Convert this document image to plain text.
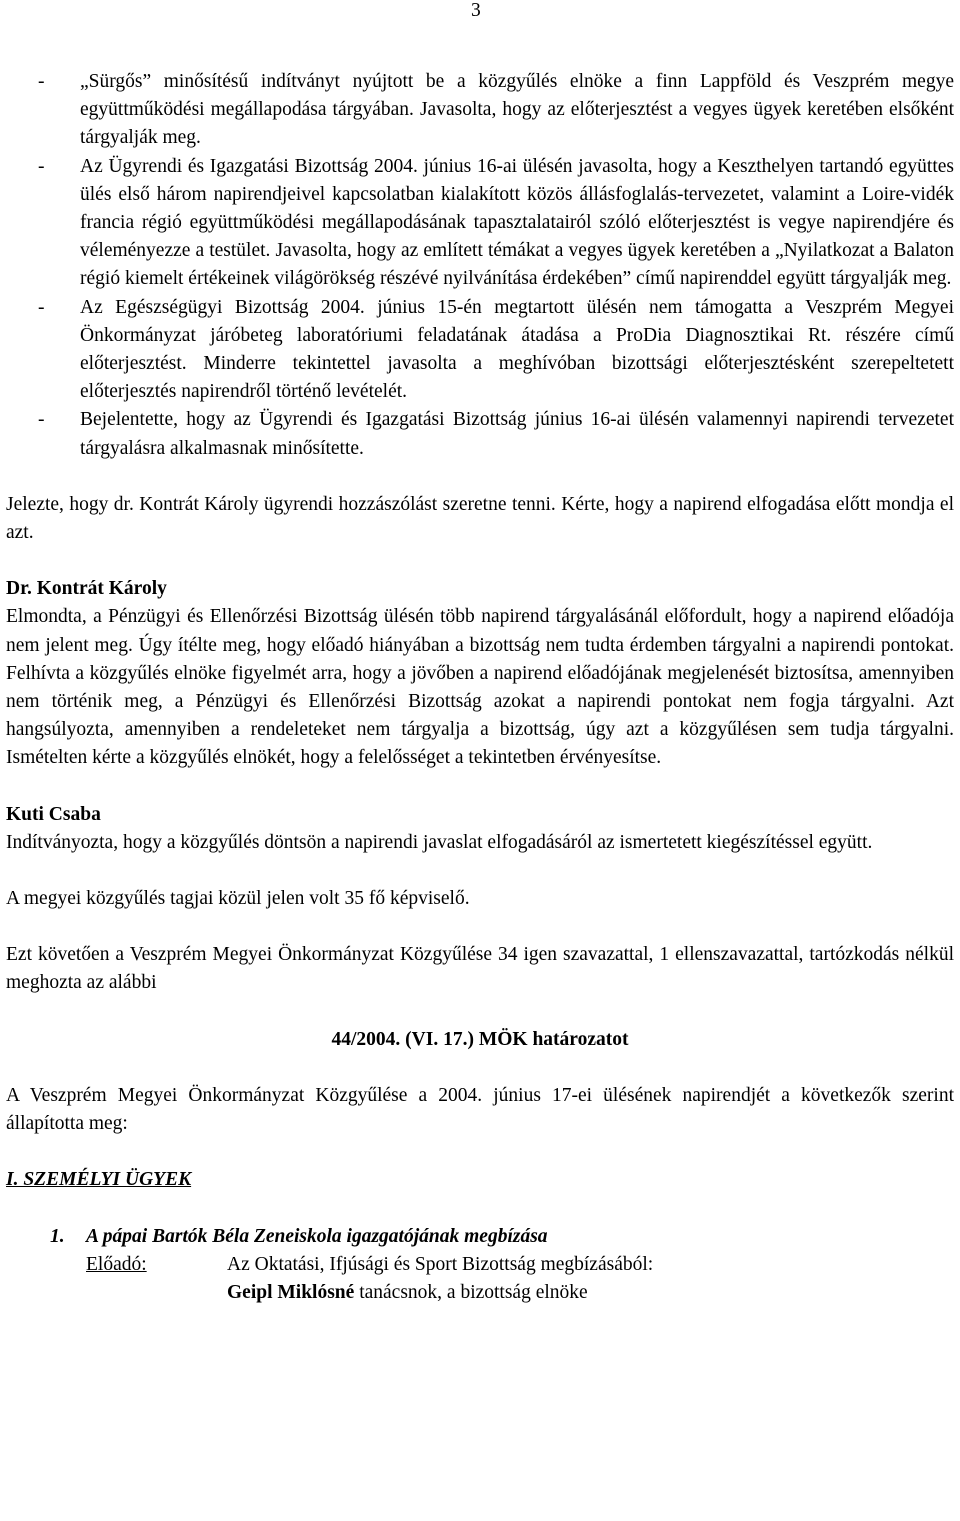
3
- „Sürgős” minősítésű indítványt nyújtott be a közgyűlés elnöke a finn Lappföld és Veszprém megye együttműködési megállapodása tárgyában. Javasolta, hogy az előterjesztést a vegyes ügyek keretében elsőként tárgyalják meg.
- Az Ügyrendi és Igazgatási Bizottság 2004. június 16-ai ülésén javasolta, hogy a Keszthelyen tartandó együttes ülés első három napirendjeivel kapcsolatban kialakított közös állásfoglalás-tervezetet, valamint a Loire-vidék francia régió együttműködési megállapodásának tapasztalatairól szóló előterjesztést is vegye napirendjére és véleményezze a testület. Javasolta, hogy az említett témákat a vegyes ügyek keretében a „Nyilatkozat a Balaton régió kiemelt értékeinek világörökség részévé nyilvánítása érdekében” című napirenddel együtt tárgyalják meg.
- Az Egészségügyi Bizottság 2004. június 15-én megtartott ülésén nem támogatta a Veszprém Megyei Önkormányzat járóbeteg laboratóriumi feladatának átadása a ProDia Diagnosztikai Rt. részére című előterjesztést. Minderre tekintettel javasolta a meghívóban bizottsági előterjesztésként szerepeltetett előterjesztés napirendről történő levételét.
- Bejelentette, hogy az Ügyrendi és Igazgatási Bizottság június 16-ai ülésén valamennyi napirendi tervezetet tárgyalásra alkalmasnak minősítette.
Jelezte, hogy dr. Kontrát Károly ügyrendi hozzászólást szeretne tenni. Kérte, hogy a napirend elfogadása előtt mondja el azt.
Dr. Kontrát Károly
Elmondta, a Pénzügyi és Ellenőrzési Bizottság ülésén több napirend tárgyalásánál előfordult, hogy a napirend előadója nem jelent meg. Úgy ítélte meg, hogy előadó hiányában a bizottság nem tudta érdemben tárgyalni a napirendi pontokat. Felhívta a közgyűlés elnöke figyelmét arra, hogy a jövőben a napirend előadójának megjelenését biztosítsa, amennyiben nem történik meg, a Pénzügyi és Ellenőrzési Bizottság azokat a napirendi pontokat nem fogja tárgyalni. Azt hangsúlyozta, amennyiben a rendeleteket nem tárgyalja a bizottság, úgy azt a közgyűlésen sem tudja tárgyalni. Ismételten kérte a közgyűlés elnökét, hogy a felelősséget a tekintetben érvényesítse.
Kuti Csaba
Indítványozta, hogy a közgyűlés döntsön a napirendi javaslat elfogadásáról az ismertetett kiegészítéssel együtt.
A megyei közgyűlés tagjai közül jelen volt 35 fő képviselő.
Ezt követően a Veszprém Megyei Önkormányzat Közgyűlése 34 igen szavazattal, 1 ellenszavazattal, tartózkodás nélkül meghozta az alábbi
44/2004. (VI. 17.) MÖK határozatot
A Veszprém Megyei Önkormányzat Közgyűlése a 2004. június 17-ei ülésének napirendjét a következők szerint állapította meg:
I. SZEMÉLYI ÜGYEK
1. A pápai Bartók Béla Zeneiskola igazgatójának megbízása
Előadó:	Az Oktatási, Ifjúsági és Sport Bizottság megbízásából:
Geipl Miklósné tanácsnok, a bizottság elnöke
